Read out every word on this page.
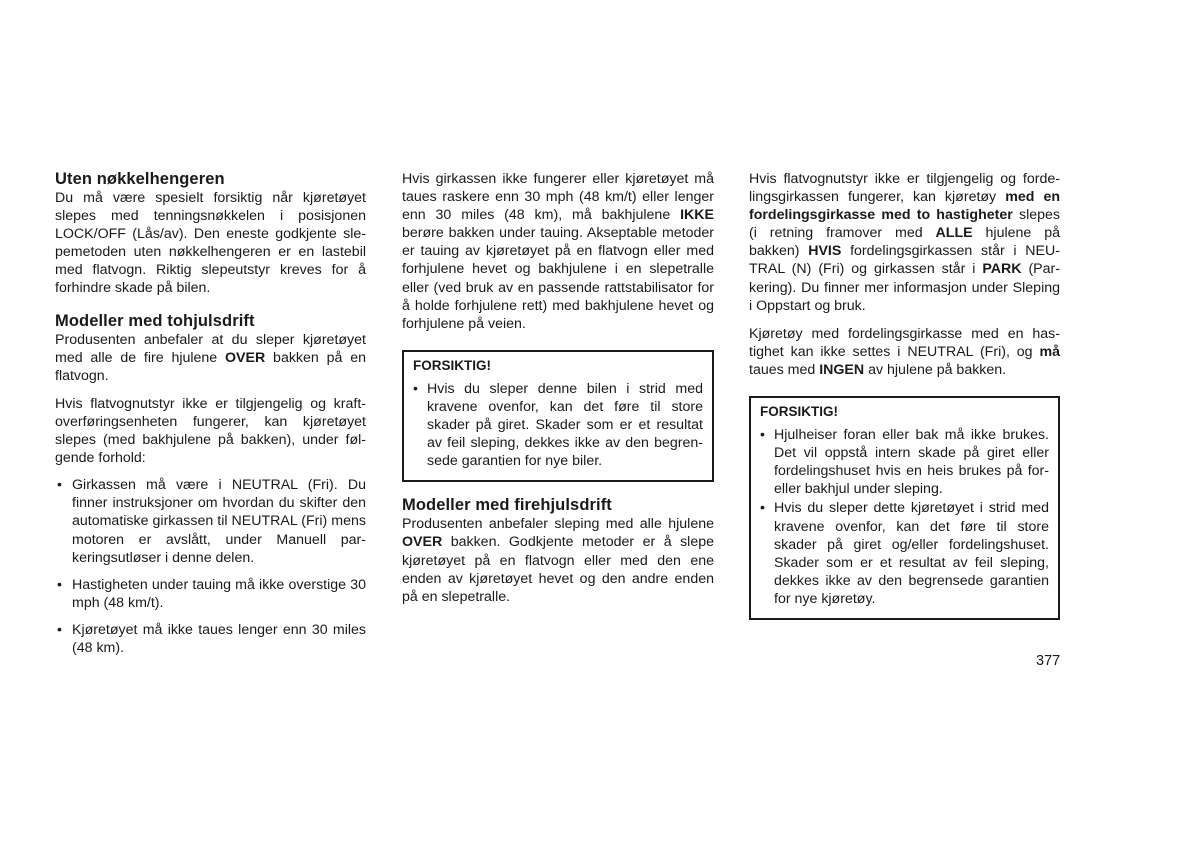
Uten nøkkelhengeren

Du må være spesielt forsiktig når kjøretøyet slepes med tenningsnøkkelen i posisjonen LOCK/OFF (Lås/av). Den eneste godkjente slepemetoden uten nøkkelhengeren er en lastebil med flatvogn. Riktig slepeutstyr kreves for å forhindre skade på bilen.

Modeller med tohjulsdrift

Produsenten anbefaler at du sleper kjøretøyet med alle de fire hjulene OVER bakken på en flatvogn.

Hvis flatvognutstyr ikke er tilgjengelig og kraftoverføringsenheten fungerer, kan kjøretøyet slepes (med bakhjulene på bakken), under følgende forhold:

• Girkassen må være i NEUTRAL (Fri). Du finner instruksjoner om hvordan du skifter den automatiske girkassen til NEUTRAL (Fri) mens motoren er avslått, under Manuell parkeringsutløser i denne delen.
• Hastigheten under tauing må ikke overstige 30 mph (48 km/t).
• Kjøretøyet må ikke taues lenger enn 30 miles (48 km).

Hvis girkassen ikke fungerer eller kjøretøyet må taues raskere enn 30 mph (48 km/t) eller lenger enn 30 miles (48 km), må bakhjulene IKKE berøre bakken under tauing. Akseptable metoder er tauing av kjøretøyet på en flatvogn eller med forhjulene hevet og bakhjulene i en slepetralle eller (ved bruk av en passende rattstabilisator for å holde forhjulene rett) med bakhjulene hevet og forhjulene på veien.

FORSIKTIG!

• Hvis du sleper denne bilen i strid med kravene ovenfor, kan det føre til store skader på giret. Skader som er et resultat av feil sleping, dekkes ikke av den begrensede garantien for nye biler.
Modeller med firehjulsdrift

Produsenten anbefaler sleping med alle hjulene OVER bakken. Godkjente metoder er å slepe kjøretøyet på en flatvogn eller med den ene enden av kjøretøyet hevet og den andre enden på en slepetralle.

Hvis flatvognutstyr ikke er tilgjengelig og fordelingsgirkassen fungerer, kan kjøretøy med en fordelingsgirkasse med to hastigheter slepes (i retning framover med ALLE hjulene på bakken) HVIS fordelingsgirkassen står i NEUTRAL (N) (Fri) og girkassen står i PARK (Parkering). Du finner mer informasjon under Sleping i Oppstart og bruk.

Kjøretøy med fordelingsgirkasse med en hastighet kan ikke settes i NEUTRAL (Fri), og må taues med INGEN av hjulene på bakken.

FORSIKTIG!

• Hjulheiser foran eller bak må ikke brukes. Det vil oppstå intern skade på giret eller fordelingshuset hvis en heis brukes på foreller bakhjul under sleping.
• Hvis du sleper dette kjøretøyet i strid med kravene ovenfor, kan det føre til store skader på giret og/eller fordelingshuset. Skader som er et resultat av feil sleping, dekkes ikke av den begrensede garantien for nye kjøretøy.
377
